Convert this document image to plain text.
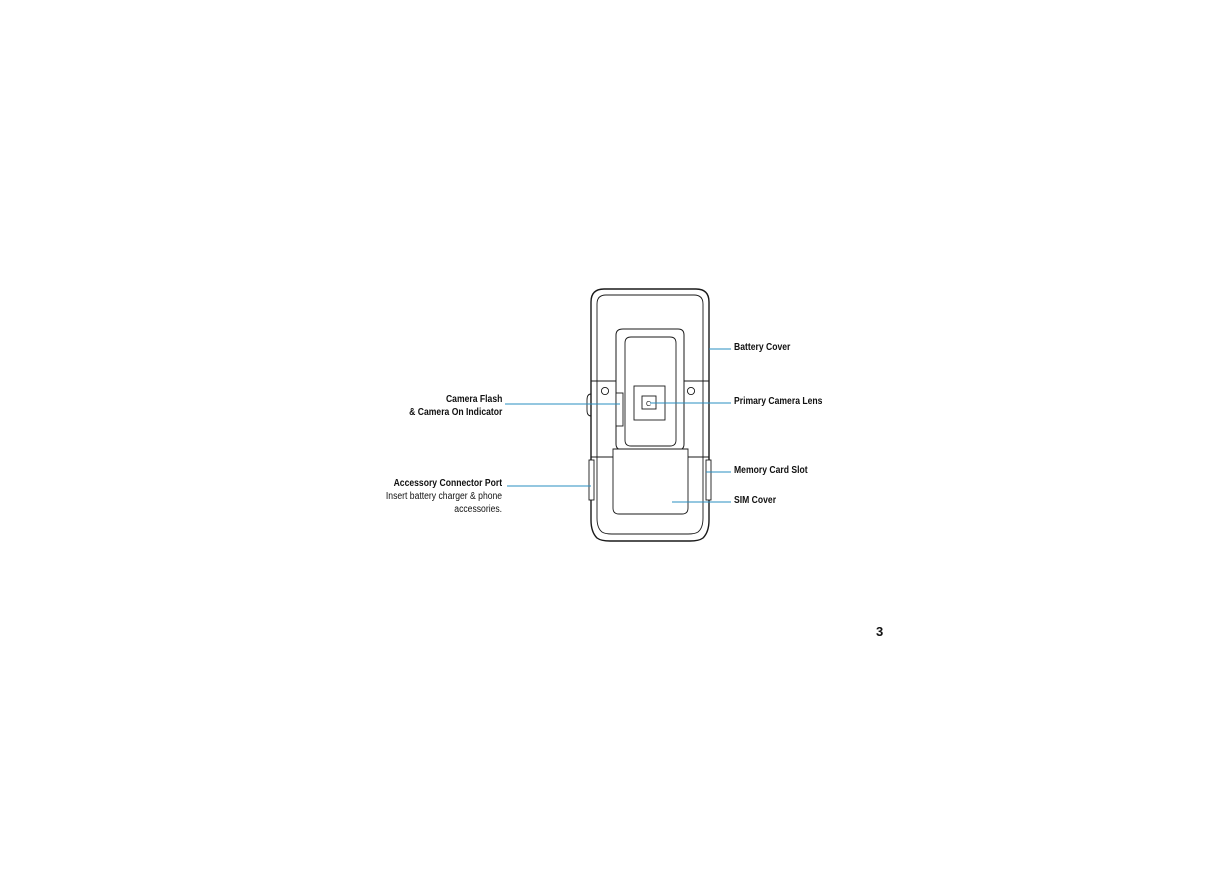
C
Battery Cover
Primary Camera Lens
Memory Card Slot
SIM Cover
Camera Flash
& Camera On Indicator
Accessory Connector Port
Insert battery charger & phone
accessories.
3
